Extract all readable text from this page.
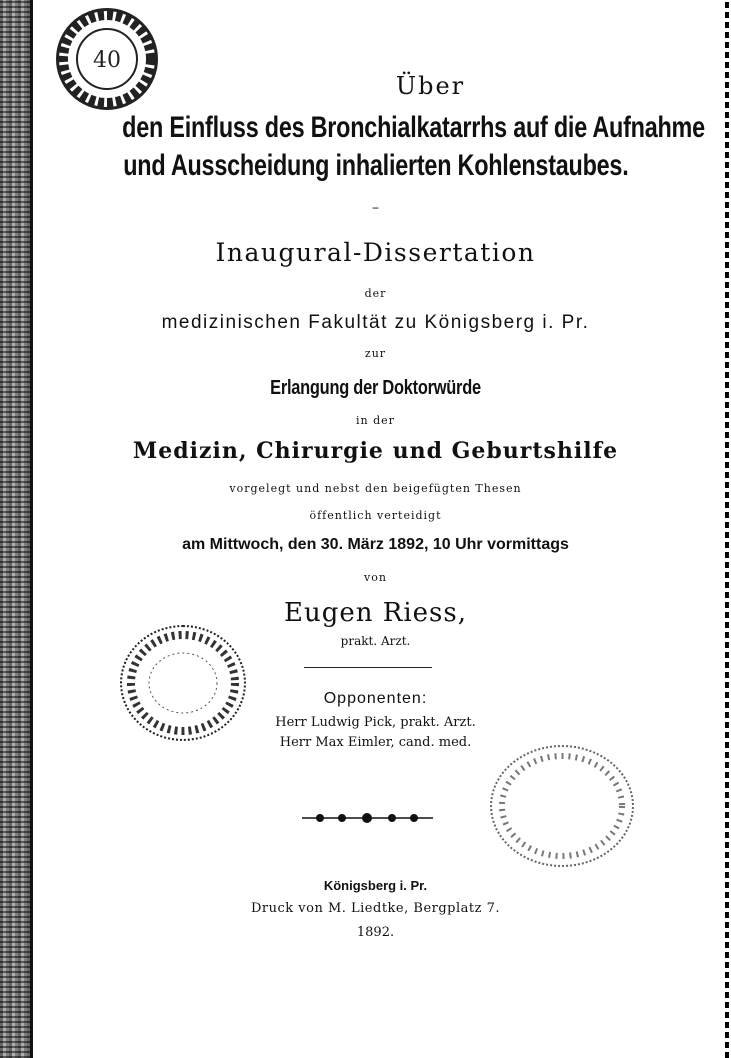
40
Über
den Einfluss des Bronchialkatarrhs auf die Aufnahme
und Ausscheidung inhalierten Kohlenstaubes.
–
Inaugural-Dissertation
der
medizinischen Fakultät zu Königsberg i. Pr.
zur
Erlangung der Doktorwürde
in der
Medizin, Chirurgie und Geburtshilfe
vorgelegt und nebst den beigefügten Thesen
öffentlich verteidigt
am Mittwoch, den 30. März 1892, 10 Uhr vormittags
von
Eugen Riess,
prakt. Arzt.
Opponenten:
Herr Ludwig Pick, prakt. Arzt.
Herr Max Eimler, cand. med.
Königsberg i. Pr.
Druck von M. Liedtke, Bergplatz 7.
1892.
